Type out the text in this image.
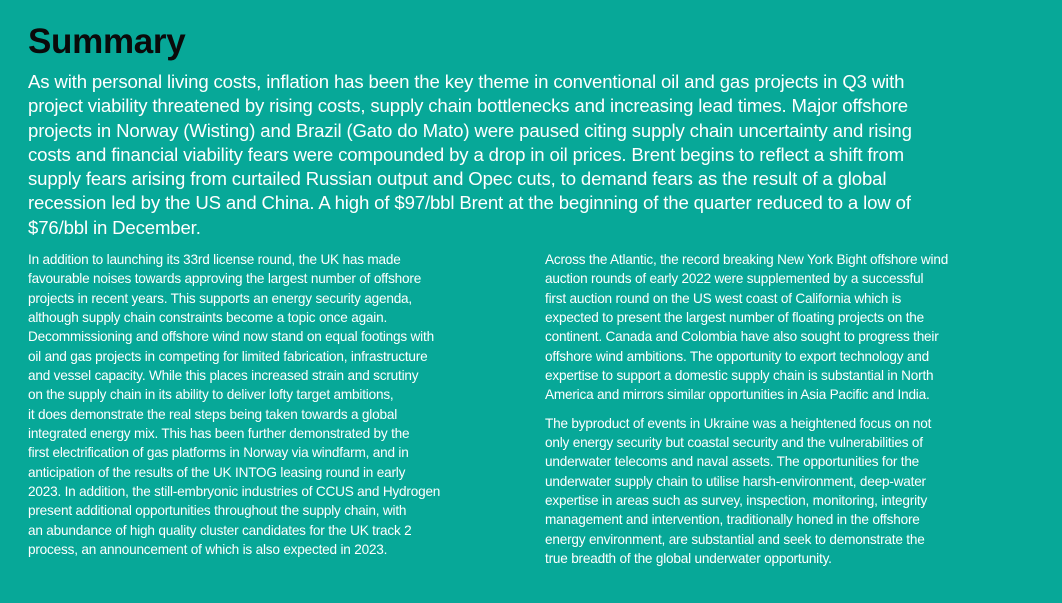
Summary
As with personal living costs, inflation has been the key theme in conventional oil and gas projects in Q3 with
project viability threatened by rising costs, supply chain bottlenecks and increasing lead times. Major offshore
projects in Norway (Wisting) and Brazil (Gato do Mato) were paused citing supply chain uncertainty and rising
costs and financial viability fears were compounded by a drop in oil prices. Brent begins to reflect a shift from
supply fears arising from curtailed Russian output and Opec cuts, to demand fears as the result of a global
recession led by the US and China. A high of $97/bbl Brent at the beginning of the quarter reduced to a low of
$76/bbl in December.
In addition to launching its 33rd license round, the UK has made
favourable noises towards approving the largest number of offshore
projects in recent years. This supports an energy security agenda,
although supply chain constraints become a topic once again.
Decommissioning and offshore wind now stand on equal footings with
oil and gas projects in competing for limited fabrication, infrastructure
and vessel capacity. While this places increased strain and scrutiny
on the supply chain in its ability to deliver lofty target ambitions,
it does demonstrate the real steps being taken towards a global
integrated energy mix. This has been further demonstrated by the
first electrification of gas platforms in Norway via windfarm, and in
anticipation of the results of the UK INTOG leasing round in early
2023. In addition, the still-embryonic industries of CCUS and Hydrogen
present additional opportunities throughout the supply chain, with
an abundance of high quality cluster candidates for the UK track 2
process, an announcement of which is also expected in 2023.
Across the Atlantic, the record breaking New York Bight offshore wind
auction rounds of early 2022 were supplemented by a successful
first auction round on the US west coast of California which is
expected to present the largest number of floating projects on the
continent. Canada and Colombia have also sought to progress their
offshore wind ambitions. The opportunity to export technology and
expertise to support a domestic supply chain is substantial in North
America and mirrors similar opportunities in Asia Pacific and India.
The byproduct of events in Ukraine was a heightened focus on not
only energy security but coastal security and the vulnerabilities of
underwater telecoms and naval assets. The opportunities for the
underwater supply chain to utilise harsh-environment, deep-water
expertise in areas such as survey, inspection, monitoring, integrity
management and intervention, traditionally honed in the offshore
energy environment, are substantial and seek to demonstrate the
true breadth of the global underwater opportunity.
